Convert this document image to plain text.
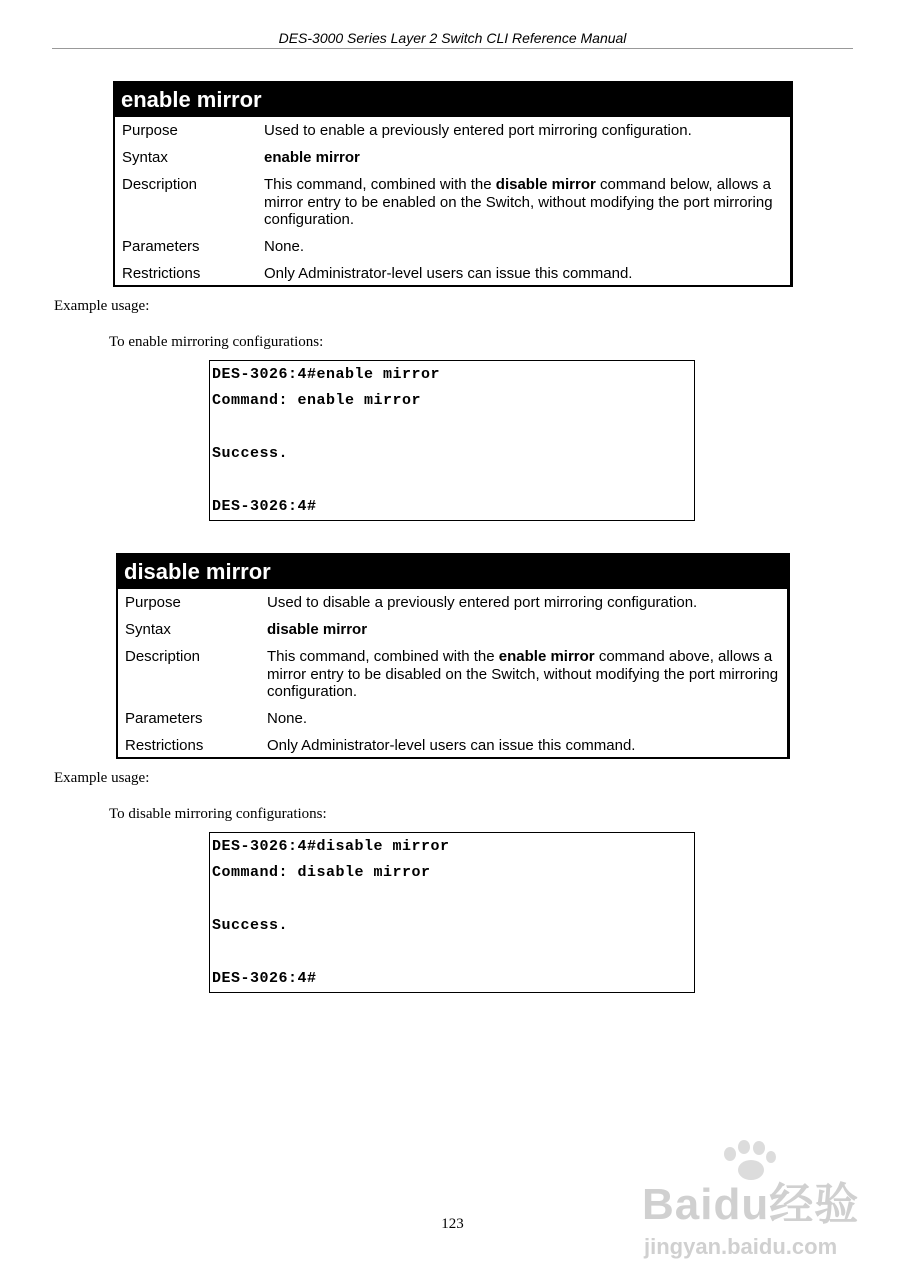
DES-3000 Series Layer 2 Switch CLI Reference Manual
enable mirror
Purpose	Used to enable a previously entered port mirroring configuration.
Syntax	enable mirror
Description	This command, combined with the disable mirror command below, allows a mirror entry to be enabled on the Switch, without modifying the port mirroring configuration.
Parameters	None.
Restrictions	Only Administrator-level users can issue this command.
Example usage:
To enable mirroring configurations:
DES-3026:4#enable mirror
Command: enable mirror
Success.
DES-3026:4#
disable mirror
Purpose	Used to disable a previously entered port mirroring configuration.
Syntax	disable mirror
Description	This command, combined with the enable mirror command above, allows a mirror entry to be disabled on the Switch, without modifying the port mirroring configuration.
Parameters	None.
Restrictions	Only Administrator-level users can issue this command.
Example usage:
To disable mirroring configurations:
DES-3026:4#disable mirror
Command: disable mirror
Success.
DES-3026:4#
Baidu经验
jingyan.baidu.com
123
